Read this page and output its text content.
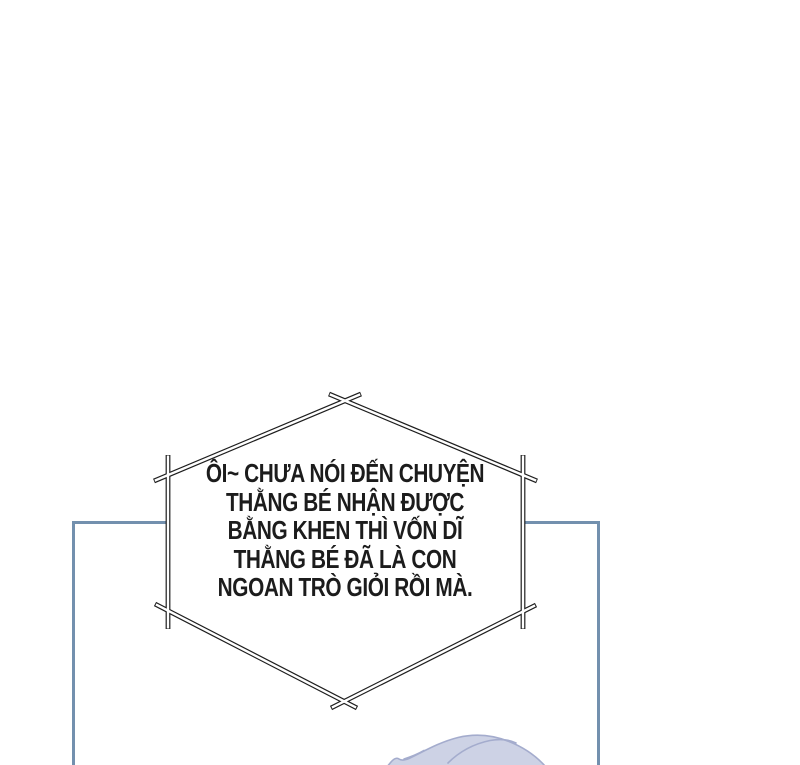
ÔI~ CHƯA NÓI ĐẾN CHUYỆN
THẰNG BÉ NHẬN ĐƯỢC
BẰNG KHEN THÌ VỐN DĨ
THẰNG BÉ ĐÃ LÀ CON
NGOAN TRÒ GIỎI RỒI MÀ.
